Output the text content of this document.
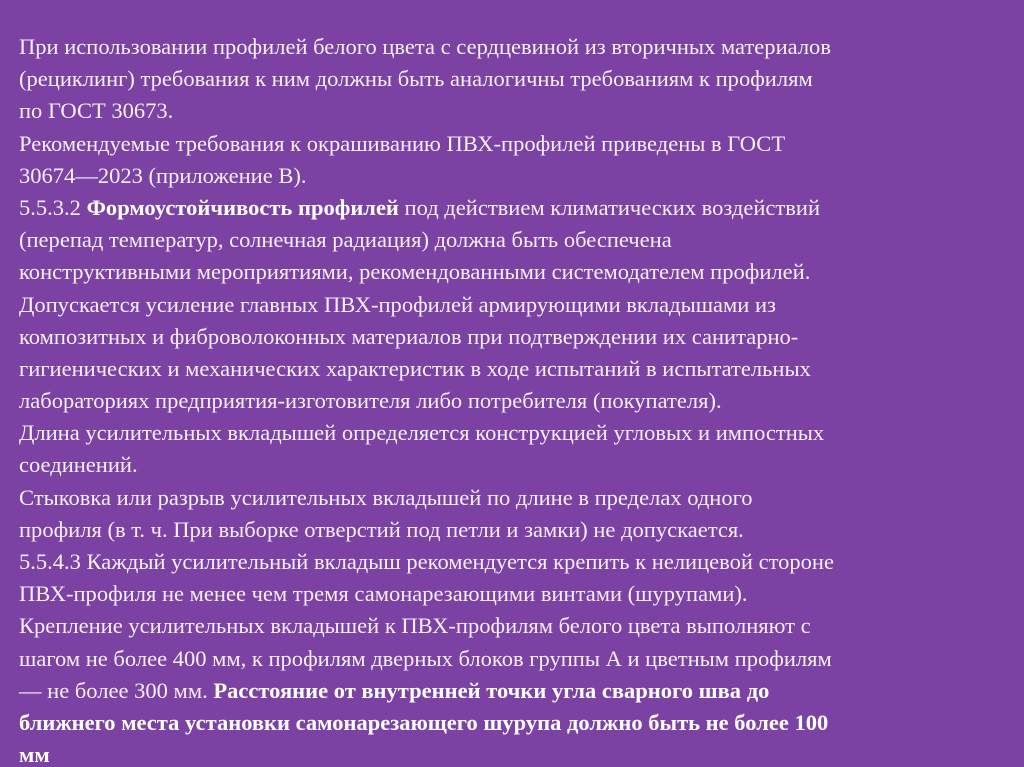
При использовании профилей белого цвета с сердцевиной из вторичных материалов
(рециклинг) требования к ним должны быть аналогичны требованиям к профилям
по ГОСТ 30673.
Рекомендуемые требования к окрашиванию ПВХ-профилей приведены в ГОСТ
30674—2023 (приложение В).
5.5.3.2 Формоустойчивость профилей под действием климатических воздействий
(перепад температур, солнечная радиация) должна быть обеспечена
конструктивными мероприятиями, рекомендованными системодателем профилей.
Допускается усиление главных ПВХ-профилей армирующими вкладышами из
композитных и фиброволоконных материалов при подтверждении их санитарно-
гигиенических и механических характеристик в ходе испытаний в испытательных
лабораториях предприятия-изготовителя либо потребителя (покупателя).
Длина усилительных вкладышей определяется конструкцией угловых и импостных
соединений.
Стыковка или разрыв усилительных вкладышей по длине в пределах одного
профиля (в т. ч. При выборке отверстий под петли и замки) не допускается.
5.5.4.3 Каждый усилительный вкладыш рекомендуется крепить к нелицевой стороне
ПВХ-профиля не менее чем тремя самонарезающими винтами (шурупами).
Крепление усилительных вкладышей к ПВХ-профилям белого цвета выполняют с
шагом не более 400 мм, к профилям дверных блоков группы А и цветным профилям
— не более 300 мм. Расстояние от внутренней точки угла сварного шва до
ближнего места установки самонарезающего шурупа должно быть не более 100
мм
